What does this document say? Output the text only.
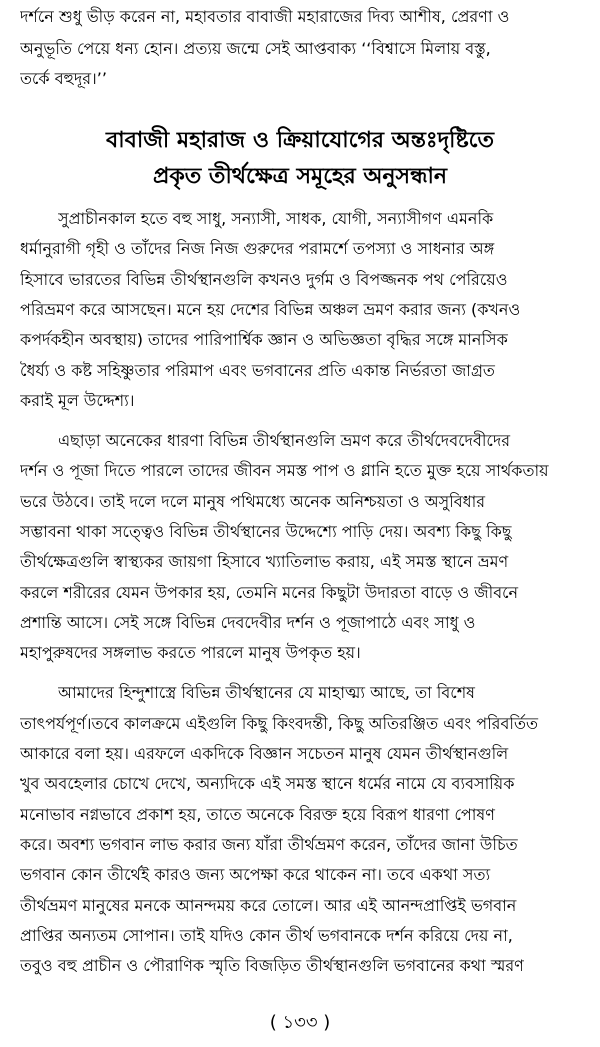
দর্শনে শুধু ভীড় করেন না, মহাবতার বাবাজী মহারাজের দিব্য আশীষ, প্রেরণা ও
অনুভূতি পেয়ে ধন্য হোন। প্রত্যয় জন্মে সেই আপ্তবাক্য ‘‘বিশ্বাসে মিলায় বস্তু,
তর্কে বহুদূর।’’
বাবাজী মহারাজ ও ক্রিয়াযোগের অন্তঃদৃষ্টিতে
প্রকৃত তীর্থক্ষেত্র সমূহের অনুসন্ধান
সুপ্রাচীনকাল হতে বহু সাধু, সন্যাসী, সাধক, যোগী, সন্যাসীগণ এমনকি
ধর্মানুরাগী গৃহী ও তাঁদের নিজ নিজ গুরুদের পরামর্শে তপস্যা ও সাধনার অঙ্গ
হিসাবে ভারতের বিভিন্ন তীর্থস্থানগুলি কখনও দুর্গম ও বিপজ্জনক পথ পেরিয়েও
পরিভ্রমণ করে আসছেন। মনে হয় দেশের বিভিন্ন অঞ্চল ভ্রমণ করার জন্য (কখনও
কপর্দকহীন অবস্থায়) তাদের পারিপার্শ্বিক জ্ঞান ও অভিজ্ঞতা বৃদ্ধির সঙ্গে মানসিক
ধৈর্য্য ও কষ্ট সহিষ্ণুতার পরিমাপ এবং ভগবানের প্রতি একান্ত নির্ভরতা জাগ্রত
করাই মূল উদ্দেশ্য।
এছাড়া অনেকের ধারণা বিভিন্ন তীর্থস্থানগুলি ভ্রমণ করে তীর্থদেবদেবীদের
দর্শন ও পূজা দিতে পারলে তাদের জীবন সমস্ত পাপ ও গ্লানি হতে মুক্ত হয়ে সার্থকতায়
ভরে উঠবে। তাই দলে দলে মানুষ পথিমধ্যে অনেক অনিশ্চয়তা ও অসুবিধার
সম্ভাবনা থাকা সত্ত্বেও বিভিন্ন তীর্থস্থানের উদ্দেশ্যে পাড়ি দেয়। অবশ্য কিছু কিছু
তীর্থক্ষেত্রগুলি স্বাস্থ্যকর জায়গা হিসাবে খ্যাতিলাভ করায়, এই সমস্ত স্থানে ভ্রমণ
করলে শরীরের যেমন উপকার হয়, তেমনি মনের কিছুটা উদারতা বাড়ে ও জীবনে
প্রশান্তি আসে। সেই সঙ্গে বিভিন্ন দেবদেবীর দর্শন ও পূজাপাঠে এবং সাধু ও
মহাপুরুষদের সঙ্গলাভ করতে পারলে মানুষ উপকৃত হয়।
আমাদের হিন্দুশাস্ত্রে বিভিন্ন তীর্থস্থানের যে মাহাত্ম্য আছে, তা বিশেষ
তাৎপর্যপূর্ণ।তবে কালক্রমে এইগুলি কিছু কিংবদন্তী, কিছু অতিরঞ্জিত এবং পরিবর্তিত
আকারে বলা হয়। এরফলে একদিকে বিজ্ঞান সচেতন মানুষ যেমন তীর্থস্থানগুলি
খুব অবহেলার চোখে দেখে, অন্যদিকে এই সমস্ত স্থানে ধর্মের নামে যে ব্যবসায়িক
মনোভাব নগ্নভাবে প্রকাশ হয়, তাতে অনেকে বিরক্ত হয়ে বিরূপ ধারণা পোষণ
করে। অবশ্য ভগবান লাভ করার জন্য যাঁরা তীর্থভ্রমণ করেন, তাঁদের জানা উচিত
ভগবান কোন তীর্থেই কারও জন্য অপেক্ষা করে থাকেন না। তবে একথা সত্য
তীর্থভ্রমণ মানুষের মনকে আনন্দময় করে তোলে। আর এই আনন্দপ্রাপ্তিই ভগবান
প্রাপ্তির অন্যতম সোপান। তাই যদিও কোন তীর্থ ভগবানকে দর্শন করিয়ে দেয় না,
তবুও বহু প্রাচীন ও পৌরাণিক স্মৃতি বিজড়িত তীর্থস্থানগুলি ভগবানের কথা স্মরণ
( ১৩৩ )
